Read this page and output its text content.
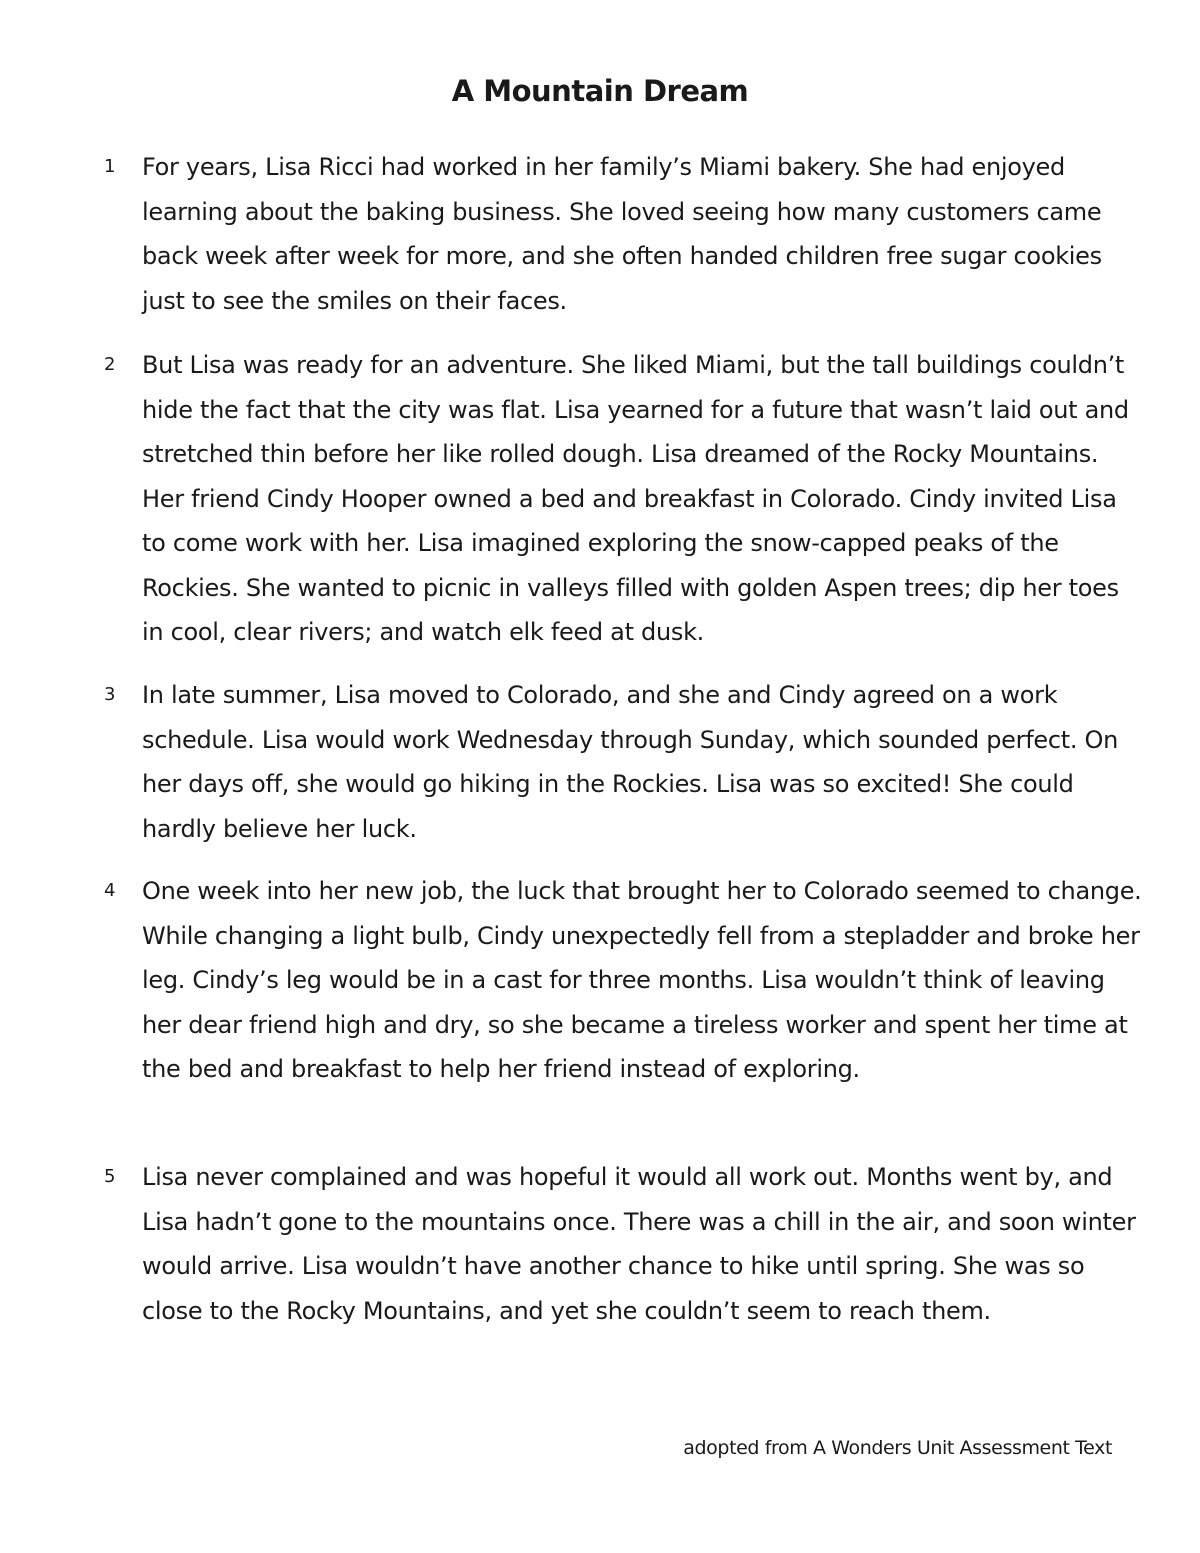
A Mountain Dream
1	For years, Lisa Ricci had worked in her family’s Miami bakery. She had enjoyed learning about the baking business. She loved seeing how many customers came back week after week for more, and she often handed children free sugar cookies just to see the smiles on their faces.
2	But Lisa was ready for an adventure. She liked Miami, but the tall buildings couldn’t hide the fact that the city was flat. Lisa yearned for a future that wasn’t laid out and stretched thin before her like rolled dough. Lisa dreamed of the Rocky Mountains. Her friend Cindy Hooper owned a bed and breakfast in Colorado. Cindy invited Lisa to come work with her. Lisa imagined exploring the snow-capped peaks of the Rockies. She wanted to picnic in valleys filled with golden Aspen trees; dip her toes in cool, clear rivers; and watch elk feed at dusk.
3	In late summer, Lisa moved to Colorado, and she and Cindy agreed on a work schedule. Lisa would work Wednesday through Sunday, which sounded perfect. On her days off, she would go hiking in the Rockies. Lisa was so excited! She could hardly believe her luck.
4	One week into her new job, the luck that brought her to Colorado seemed to change. While changing a light bulb, Cindy unexpectedly fell from a stepladder and broke her leg. Cindy’s leg would be in a cast for three months. Lisa wouldn’t think of leaving her dear friend high and dry, so she became a tireless worker and spent her time at the bed and breakfast to help her friend instead of exploring.
5	Lisa never complained and was hopeful it would all work out. Months went by, and Lisa hadn’t gone to the mountains once. There was a chill in the air, and soon winter would arrive. Lisa wouldn’t have another chance to hike until spring. She was so close to the Rocky Mountains, and yet she couldn’t seem to reach them.

adopted from A Wonders Unit Assessment Text
